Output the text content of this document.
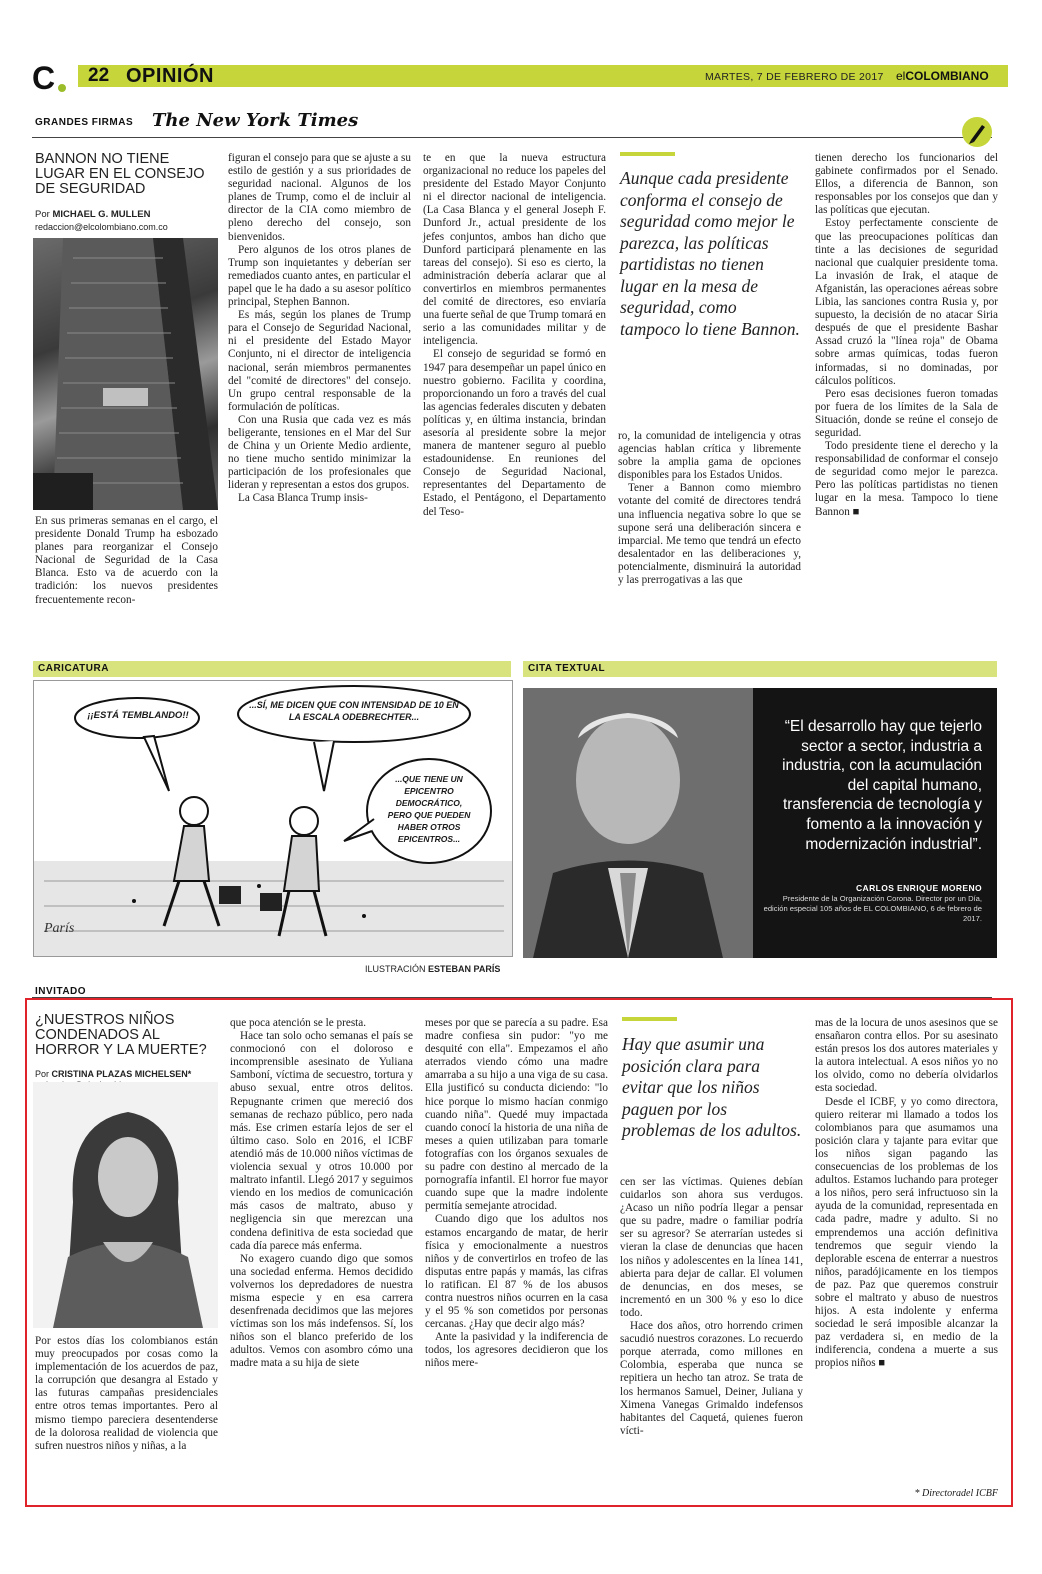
C 22 OPINIÓN	MARTES, 7 DE FEBRERO DE 2017 elCOLOMBIANO
GRANDES FIRMAS The New York Times
BANNON NO TIENE LUGAR EN EL CONSEJO DE SEGURIDAD
Por MICHAEL G. MULLEN
redaccion@elcolombiano.com.co

En sus primeras semanas en el cargo, el presidente Donald Trump ha esbozado planes para reorganizar el Consejo Nacional de Seguridad de la Casa Blanca. Esto va de acuerdo con la tradición: los nuevos presidentes frecuentemente recon-

figuran el consejo para que se ajuste a su estilo de gestión y a sus prioridades de seguridad nacional. Algunos de los planes de Trump, como el de incluir al director de la CIA como miembro de pleno derecho del consejo, son bienvenidos.

Pero algunos de los otros planes de Trump son inquietantes y deberían ser remediados cuanto antes, en particular el papel que le ha dado a su asesor político principal, Stephen Bannon.

Es más, según los planes de Trump para el Consejo de Seguridad Nacional, ni el presidente del Estado Mayor Conjunto, ni el director de inteligencia nacional, serán miembros permanentes del "comité de directores" del consejo. Un grupo central responsable de la formulación de políticas.

Con una Rusia que cada vez es más beligerante, tensiones en el Mar del Sur de China y un Oriente Medio ardiente, no tiene mucho sentido minimizar la participación de los profesionales que lideran y representan a estos dos grupos.

La Casa Blanca Trump insis-

te en que la nueva estructura organizacional no reduce los papeles del presidente del Estado Mayor Conjunto ni el director nacional de inteligencia. (La Casa Blanca y el general Joseph F. Dunford Jr., actual presidente de los jefes conjuntos, ambos han dicho que Dunford participará plenamente en las tareas del consejo). Si eso es cierto, la administración debería aclarar que al convertirlos en miembros permanentes del comité de directores, eso enviaría una fuerte señal de que Trump tomará en serio a las comunidades militar y de inteligencia.

El consejo de seguridad se formó en 1947 para desempeñar un papel único en nuestro gobierno. Facilita y coordina, proporcionando un foro a través del cual las agencias federales discuten y debaten políticas y, en última instancia, brindan asesoría al presidente sobre la mejor manera de mantener seguro al pueblo estadounidense. En reuniones del Consejo de Seguridad Nacional, representantes del Departamento de Estado, el Pentágono, el Departamento del Teso-

Aunque cada presidente conforma el consejo de seguridad como mejor le parezca, las políticas partidistas no tienen lugar en la mesa de seguridad, como tampoco lo tiene Bannon.

ro, la comunidad de inteligencia y otras agencias hablan crítica y libremente sobre la amplia gama de opciones disponibles para los Estados Unidos.

Tener a Bannon como miembro votante del comité de directores tendrá una influencia negativa sobre lo que se supone será una deliberación sincera e imparcial. Me temo que tendrá un efecto desalentador en las deliberaciones y, potencialmente, disminuirá la autoridad y las prerrogativas a las que

tienen derecho los funcionarios del gabinete confirmados por el Senado. Ellos, a diferencia de Bannon, son responsables por los consejos que dan y las políticas que ejecutan.

Estoy perfectamente consciente de que las preocupaciones políticas dan tinte a las decisiones de seguridad nacional que cualquier presidente toma. La invasión de Irak, el ataque de Afganistán, las operaciones aéreas sobre Libia, las sanciones contra Rusia y, por supuesto, la decisión de no atacar Siria después de que el presidente Bashar Assad cruzó la "línea roja" de Obama sobre armas químicas, todas fueron informadas, si no dominadas, por cálculos políticos.

Pero esas decisiones fueron tomadas por fuera de los límites de la Sala de Situación, donde se reúne el consejo de seguridad.

Todo presidente tiene el derecho y la responsabilidad de conformar el consejo de seguridad como mejor le parezca. Pero las políticas partidistas no tienen lugar en la mesa. Tampoco lo tiene Bannon ■

CARICATURA
¡¡ESTÁ TEMBLANDO!!
...SÍ, ME DICEN QUE CON INTENSIDAD DE 10 EN LA ESCALA ODEBRECHTER...
...QUE TIENE UN EPICENTRO DEMOCRÁTICO, PERO QUE PUEDEN HABER OTROS EPICENTROS...
París
ILUSTRACIÓN ESTEBAN PARÍS
CITA TEXTUAL
“El desarrollo hay que tejerlo sector a sector, industria a industria, con la acumulación del capital humano, transferencia de tecnología y fomento a la innovación y modernización industrial”.
CARLOS ENRIQUE MORENO
Presidente de la Organización Corona. Director por un Día, edición especial 105 años de EL COLOMBIANO, 6 de febrero de 2017.
INVITADO
¿NUESTROS NIÑOS CONDENADOS AL HORROR Y LA MUERTE?
Por CRISTINA PLAZAS MICHELSEN*

Por estos días los colombianos están muy preocupados por cosas como la implementación de los acuerdos de paz, la corrupción que desangra al Estado y las futuras campañas presidenciales entre otros temas importantes. Pero al mismo tiempo pareciera desentenderse de la dolorosa realidad de violencia que sufren nuestros niños y niñas, a la

que poca atención se le presta.

Hace tan solo ocho semanas el país se conmocionó con el doloroso e incomprensible asesinato de Yuliana Samboní, víctima de secuestro, tortura y abuso sexual, entre otros delitos. Repugnante crimen que mereció dos semanas de rechazo público, pero nada más. Ese crimen estaría lejos de ser el último caso. Solo en 2016, el ICBF atendió más de 10.000 niños víctimas de violencia sexual y otros 10.000 por maltrato infantil. Llegó 2017 y seguimos viendo en los medios de comunicación más casos de maltrato, abuso y negligencia sin que merezcan una condena definitiva de esta sociedad que cada día parece más enferma.

No exagero cuando digo que somos una sociedad enferma. Hemos decidido volvernos los depredadores de nuestra misma especie y en esa carrera desenfrenada decidimos que las mejores víctimas son los más indefensos. Sí, los niños son el blanco preferido de los adultos. Vemos con asombro cómo una madre mata a su hija de siete

meses por que se parecía a su padre. Esa madre confiesa sin pudor: "yo me desquité con ella". Empezamos el año aterrados viendo cómo una madre amarraba a su hijo a una viga de su casa. Ella justificó su conducta diciendo: "lo hice porque lo mismo hacían conmigo cuando niña". Quedé muy impactada cuando conocí la historia de una niña de meses a quien utilizaban para tomarle fotografías con los órganos sexuales de su padre con destino al mercado de la pornografía infantil. El horror fue mayor cuando supe que la madre indolente permitía semejante atrocidad.

Cuando digo que los adultos nos estamos encargando de matar, de herir física y emocionalmente a nuestros niños y de convertirlos en trofeo de las disputas entre papás y mamás, las cifras lo ratifican. El 87 % de los abusos contra nuestros niños ocurren en la casa y el 95 % son cometidos por personas cercanas. ¿Hay que decir algo más?

Ante la pasividad y la indiferencia de todos, los agresores decidieron que los niños mere-

Hay que asumir una posición clara para evitar que los niños paguen por los problemas de los adultos.

cen ser las víctimas. Quienes debían cuidarlos son ahora sus verdugos. ¿Acaso un niño podría llegar a pensar que su padre, madre o familiar podría ser su agresor? Se aterrarían ustedes si vieran la clase de denuncias que hacen los niños y adolescentes en la línea 141, abierta para dejar de callar. El volumen de denuncias, en dos meses, se incrementó en un 300 % y eso lo dice todo.

Hace dos años, otro horrendo crimen sacudió nuestros corazones. Lo recuerdo porque aterrada, como millones en Colombia, esperaba que nunca se repitiera un hecho tan atroz. Se trata de los hermanos Samuel, Deiner, Juliana y Ximena Vanegas Grimaldo indefensos habitantes del Caquetá, quienes fueron vícti-

mas de la locura de unos asesinos que se ensañaron contra ellos. Por su asesinato están presos los dos autores materiales y la autora intelectual. A esos niños yo no los olvido, como no debería olvidarlos esta sociedad.

Desde el ICBF, y yo como directora, quiero reiterar mi llamado a todos los colombianos para que asumamos una posición clara y tajante para evitar que los niños sigan pagando las consecuencias de los problemas de los adultos. Estamos luchando para proteger a los niños, pero será infructuoso sin la ayuda de la comunidad, representada en cada padre, madre y adulto. Si no emprendemos una acción definitiva tendremos que seguir viendo la deplorable escena de enterrar a nuestros niños, paradójicamente en los tiempos de paz. Paz que queremos construir sobre el maltrato y abuso de nuestros hijos. A esta indolente y enferma sociedad le será imposible alcanzar la paz verdadera si, en medio de la indiferencia, condena a muerte a sus propios niños ■

* Directoradel ICBF
